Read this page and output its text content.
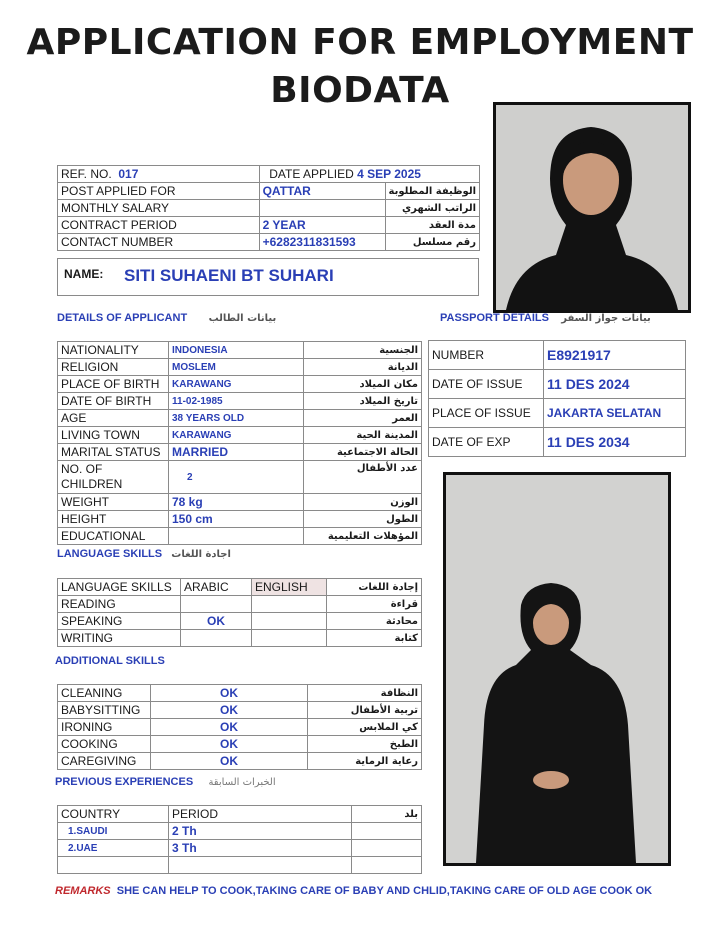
APPLICATION FOR EMPLOYMENT
BIODATA
REF. NO. 017	DATE APPLIED 4 SEP 2025	
POST APPLIED FOR	QATTAR	الوظيفة المطلوبة
MONTHLY SALARY		الراتب الشهري
CONTRACT PERIOD	2 YEAR	مدة العقد
CONTACT NUMBER	+6282311831593	رقم مسلسل
NAME: SITI SUHAENI BT SUHARI
DETAILS OF APPLICANT بيانات الطالب
NATIONALITY	INDONESIA	الجنسية
RELIGION	MOSLEM	الديانة
PLACE OF BIRTH	KARAWANG	مكان الميلاد
DATE OF BIRTH	11-02-1985	تاريخ الميلاد
AGE	38 YEARS OLD	العمر
LIVING TOWN	KARAWANG	المدينة الحية
MARITAL STATUS	MARRIED	الحالة الاجتماعية
NO. OF CHILDREN	2	عدد الأطفال
WEIGHT	78 kg	الوزن
HEIGHT	150 cm	الطول
EDUCATIONAL		المؤهلات التعليمية
PASSPORT DETAILS بيانات جواز السفر
NUMBER	E8921917
DATE OF ISSUE	11 DES 2024
PLACE OF ISSUE	JAKARTA SELATAN
DATE OF EXP	11 DES 2034
LANGUAGE SKILLS اجادة اللغات
LANGUAGE SKILLS	ARABIC	ENGLISH	إجادة اللغات
READING			قراءة
SPEAKING	OK		محادثة
WRITING			كتابة
ADDITIONAL SKILLS
CLEANING	OK	النظافة
BABYSITTING	OK	تربية الأطفال
IRONING	OK	كي الملابس
COOKING	OK	الطبخ
CAREGIVING	OK	رعاية الرماية
PREVIOUS EXPERIENCES الخبرات السابقة
COUNTRY	PERIOD	بلد
1.SAUDI	2 Th	
2.UAE	3 Th	

REMARKS SHE CAN HELP TO COOK,TAKING CARE OF BABY AND CHLID,TAKING CARE OF OLD AGE COOK OK
